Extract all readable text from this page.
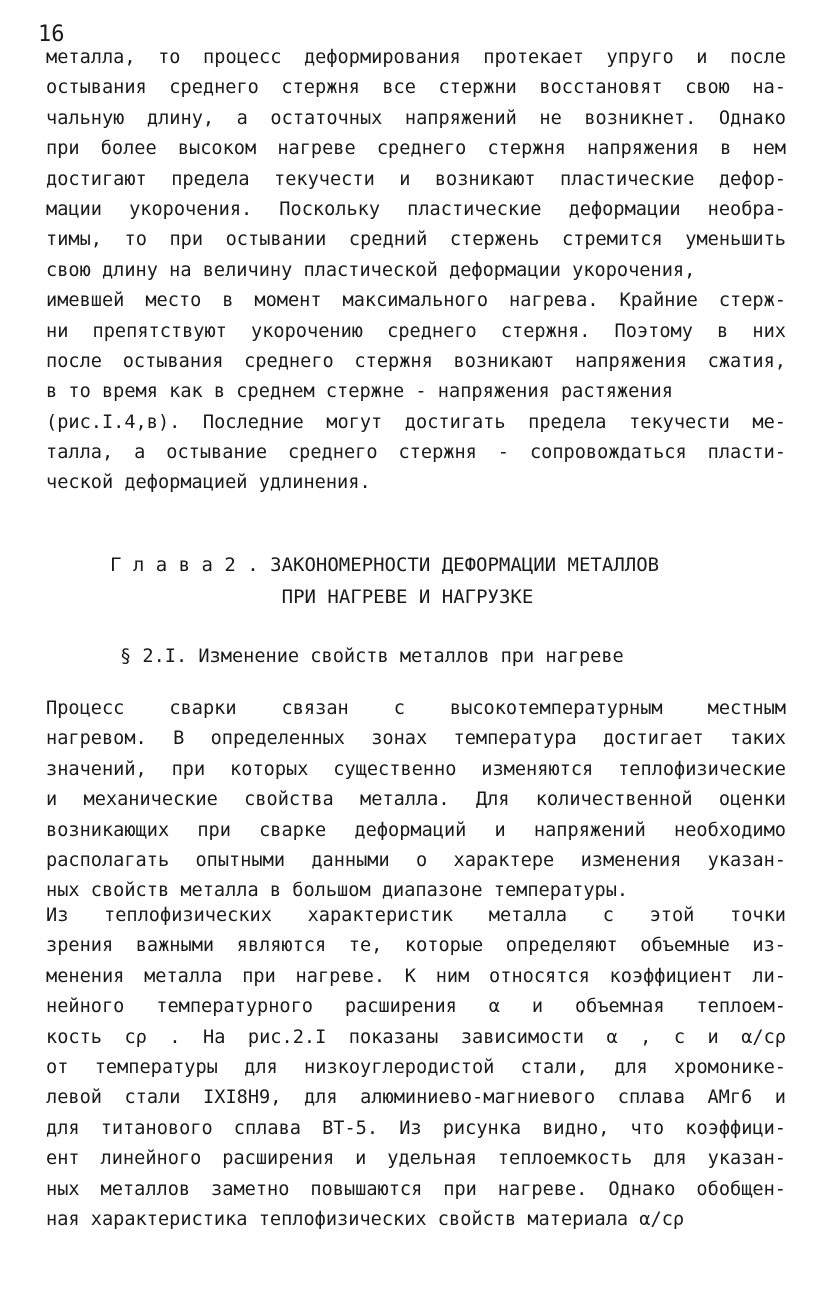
16
металла, то процесс деформирования протекает упруго и после
остывания среднего стержня все стержни восстановят свою на-
чальную длину, а остаточных напряжений не возникнет. Однако
при более высоком нагреве среднего стержня напряжения в нем
достигают предела текучести и возникают пластические дефор-
мации укорочения. Поскольку пластические деформации необра-
тимы, то при остывании средний стержень стремится уменьшить
свою длину на величину пластической деформации укорочения,
имевшей место в момент максимального нагрева. Крайние стерж-
ни препятствуют укорочению среднего стержня. Поэтому в них
после остывания среднего стержня возникают напряжения сжатия,
в то время как в среднем стержне - напряжения растяжения
(рис.I.4,в). Последние могут достигать предела текучести ме-
талла, а остывание среднего стержня - сопровождаться пласти-
ческой деформацией удлинения.
Г л а в а 2 . ЗАКОНОМЕРНОСТИ ДЕФОРМАЦИИ МЕТАЛЛОВ
ПРИ НАГРЕВЕ И НАГРУЗКЕ
§ 2.I. Изменение свойств металлов при нагреве
Процесс сварки связан с высокотемпературным местным
нагревом. В определенных зонах температура достигает таких
значений, при которых существенно изменяются теплофизические
и механические свойства металла. Для количественной оценки
возникающих при сварке деформаций и напряжений необходимо
располагать опытными данными о характере изменения указан-
ных свойств металла в большом диапазоне температуры.
Из теплофизических характеристик металла с этой точки
зрения важными являются те, которые определяют объемные из-
менения металла при нагреве. К ним относятся коэффициент ли-
нейного температурного расширения α и объемная теплоем-
кость cρ . На рис.2.I показаны зависимости α , c и α/cρ
от температуры для низкоуглеродистой стали, для хромонике-
левой стали IXI8Н9, для алюминиево-магниевого сплава АМг6 и
для титанового сплава ВТ-5. Из рисунка видно, что коэффици-
ент линейного расширения и удельная теплоемкость для указан-
ных металлов заметно повышаются при нагреве. Однако обобщен-
ная характеристика теплофизических свойств материала α/cρ
